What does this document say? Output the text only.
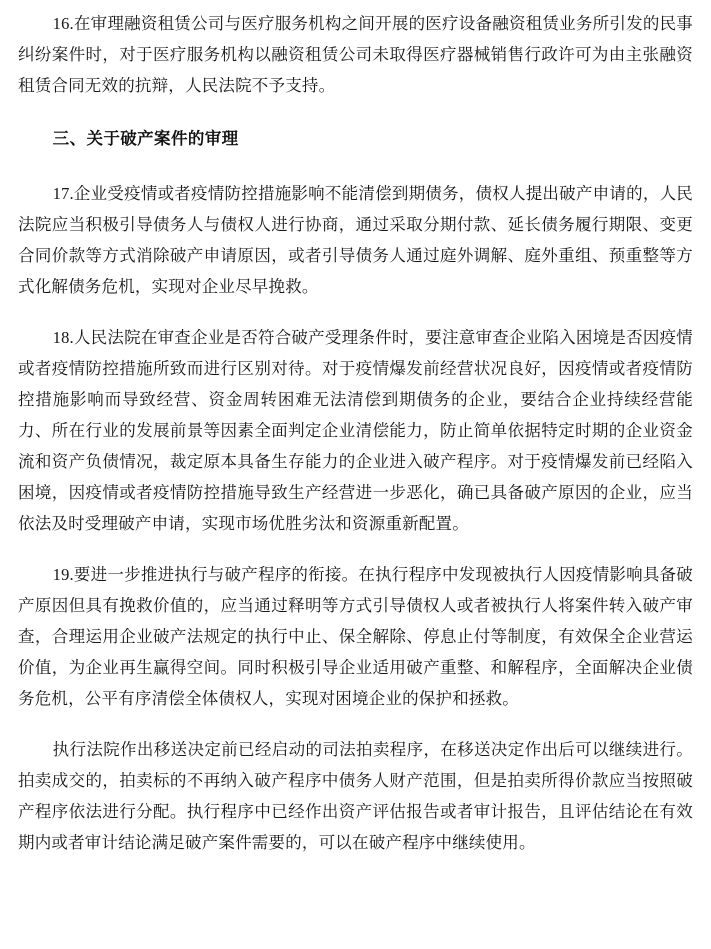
16.在审理融资租赁公司与医疗服务机构之间开展的医疗设备融资租赁业务所引发的民事纠纷案件时，对于医疗服务机构以融资租赁公司未取得医疗器械销售行政许可为由主张融资租赁合同无效的抗辩，人民法院不予支持。

三、关于破产案件的审理

17.企业受疫情或者疫情防控措施影响不能清偿到期债务，债权人提出破产申请的，人民法院应当积极引导债务人与债权人进行协商，通过采取分期付款、延长债务履行期限、变更合同价款等方式消除破产申请原因，或者引导债务人通过庭外调解、庭外重组、预重整等方式化解债务危机，实现对企业尽早挽救。

18.人民法院在审查企业是否符合破产受理条件时，要注意审查企业陷入困境是否因疫情或者疫情防控措施所致而进行区别对待。对于疫情爆发前经营状况良好，因疫情或者疫情防控措施影响而导致经营、资金周转困难无法清偿到期债务的企业，要结合企业持续经营能力、所在行业的发展前景等因素全面判定企业清偿能力，防止简单依据特定时期的企业资金流和资产负债情况，裁定原本具备生存能力的企业进入破产程序。对于疫情爆发前已经陷入困境，因疫情或者疫情防控措施导致生产经营进一步恶化，确已具备破产原因的企业，应当依法及时受理破产申请，实现市场优胜劣汰和资源重新配置。

19.要进一步推进执行与破产程序的衔接。在执行程序中发现被执行人因疫情影响具备破产原因但具有挽救价值的，应当通过释明等方式引导债权人或者被执行人将案件转入破产审查，合理运用企业破产法规定的执行中止、保全解除、停息止付等制度，有效保全企业营运价值，为企业再生赢得空间。同时积极引导企业适用破产重整、和解程序，全面解决企业债务危机，公平有序清偿全体债权人，实现对困境企业的保护和拯救。

执行法院作出移送决定前已经启动的司法拍卖程序，在移送决定作出后可以继续进行。拍卖成交的，拍卖标的不再纳入破产程序中债务人财产范围，但是拍卖所得价款应当按照破产程序依法进行分配。执行程序中已经作出资产评估报告或者审计报告，且评估结论在有效期内或者审计结论满足破产案件需要的，可以在破产程序中继续使用。
